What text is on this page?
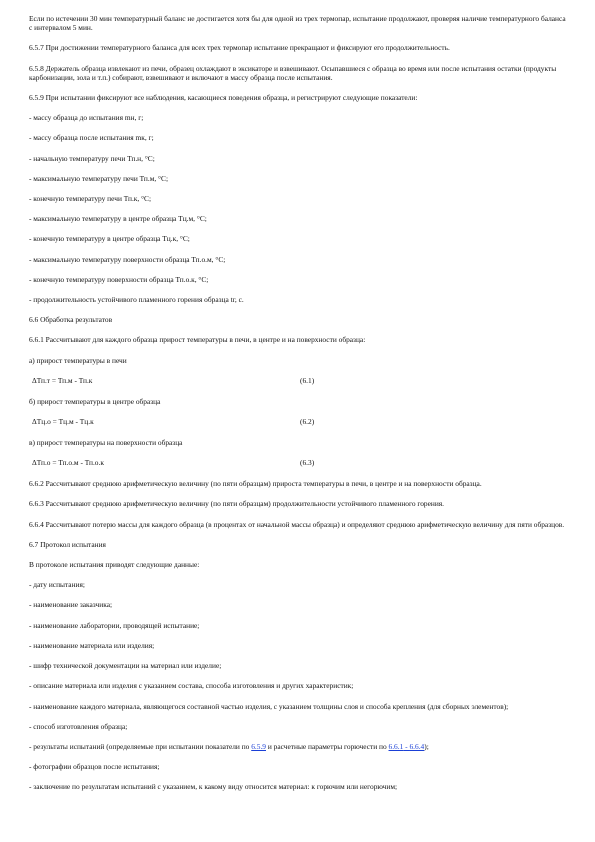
Если по истечении 30 мин температурный баланс не достигается хотя бы для одной из трех термопар, испытание продолжают, проверяя наличие температурного баланса с интервалом 5 мин.

6.5.7 При достижении температурного баланса для всех трех термопар испытание прекращают и фиксируют его продолжительность.

6.5.8 Держатель образца извлекают из печи, образец охлаждают в эксикаторе и взвешивают. Осыпавшиеся с образца во время или после испытания остатки (продукты карбонизации, зола и т.п.) собирают, взвешивают и включают в массу образца после испытания.

6.5.9 При испытании фиксируют все наблюдения, касающиеся поведения образца, и регистрируют следующие показатели:

- массу образца до испытания mн, г;

- массу образца после испытания mк, г;

- начальную температуру печи Тп.н, °С;

- максимальную температуру печи Тп.м, °С;

- конечную температуру печи Тп.к, °С;

- максимальную температуру в центре образца Тц.м, °С;

- конечную температуру в центре образца Тц.к, °С;

- максимальную температуру поверхности образца Тп.о.м, °С;

- конечную температуру поверхности образца Тп.о.к, °С;

- продолжительность устойчивого пламенного горения образца tг, с.

6.6 Обработка результатов

6.6.1 Рассчитывают для каждого образца прирост температуры в печи, в центре и на поверхности образца:

а) прирост температуры в печи

ΔТп.т = Тп.м - Тп.к	(6.1)

б) прирост температуры в центре образца

ΔТц.о = Тц.м - Тц.к	(6.2)

в) прирост температуры на поверхности образца

ΔТп.о = Тп.о.м - Тп.о.к	(6.3)

6.6.2 Рассчитывают среднюю арифметическую величину (по пяти образцам) прироста температуры в печи, в центре и на поверхности образца.

6.6.3 Рассчитывают среднюю арифметическую величину (по пяти образцам) продолжительности устойчивого пламенного горения.

6.6.4 Рассчитывают потерю массы для каждого образца (в процентах от начальной массы образца) и определяют среднюю арифметическую величину для пяти образцов.

6.7 Протокол испытания

В протоколе испытания приводят следующие данные:

- дату испытания;

- наименование заказчика;

- наименование лаборатории, проводящей испытание;

- наименование материала или изделия;

- шифр технической документации на материал или изделие;

- описание материала или изделия с указанием состава, способа изготовления и других характеристик;

- наименование каждого материала, являющегося составной частью изделия, с указанием толщины слоя и способа крепления (для сборных элементов);

- способ изготовления образца;

- результаты испытаний (определяемые при испытании показатели по 6.5.9 и расчетные параметры горючести по 6.6.1 - 6.6.4);

- фотографии образцов после испытания;

- заключение по результатам испытаний с указанием, к какому виду относится материал: к горючим или негорючим;
